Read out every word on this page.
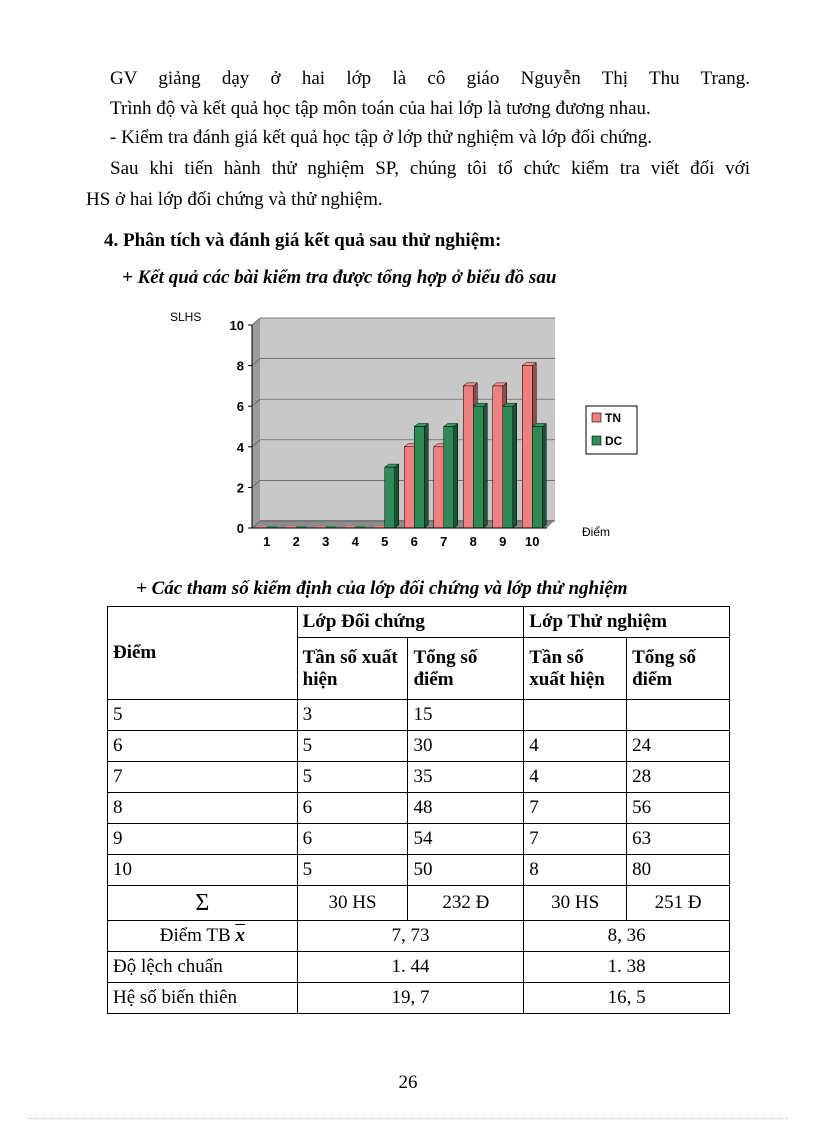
GV giảng dạy ở hai lớp là cô giáo Nguyễn Thị Thu Trang.
Trình độ và kết quả học tập môn toán của hai lớp là tương đương nhau.
- Kiểm tra đánh giá kết quả học tập ở lớp thử nghiệm và lớp đối chứng.
Sau khi tiến hành thử nghiệm SP, chúng tôi tổ chức kiểm tra viết đối với
HS ở hai lớp đối chứng và thử nghiệm.
4. Phân tích và đánh giá kết quả sau thử nghiệm:
+ Kết quả các bài kiểm tra được tổng hợp ở biểu đồ sau
0
2
4
6
8
10
1 2 3 4 5 6 7 8 9 10
SLHS
Điểm
TN
DC
+ Các tham số kiểm định của lớp đối chứng và lớp thử nghiệm
Điểm	Lớp Đối chứng		Lớp Thử nghiệm	
	Tần số xuất hiện	Tổng số điểm	Tần số xuất hiện	Tổng số điểm
5	3	15		
6	5	30	4	24
7	5	35	4	28
8	6	48	7	56
9	6	54	7	63
10	5	50	8	80
Σ	30 HS	232 Đ	30 HS	251 Đ
Điểm TB $\overline{x}$	7, 73		8, 36	
Độ lệch chuẩn	1. 44		1. 38	
Hệ số biến thiên	19, 7		16, 5	
26
